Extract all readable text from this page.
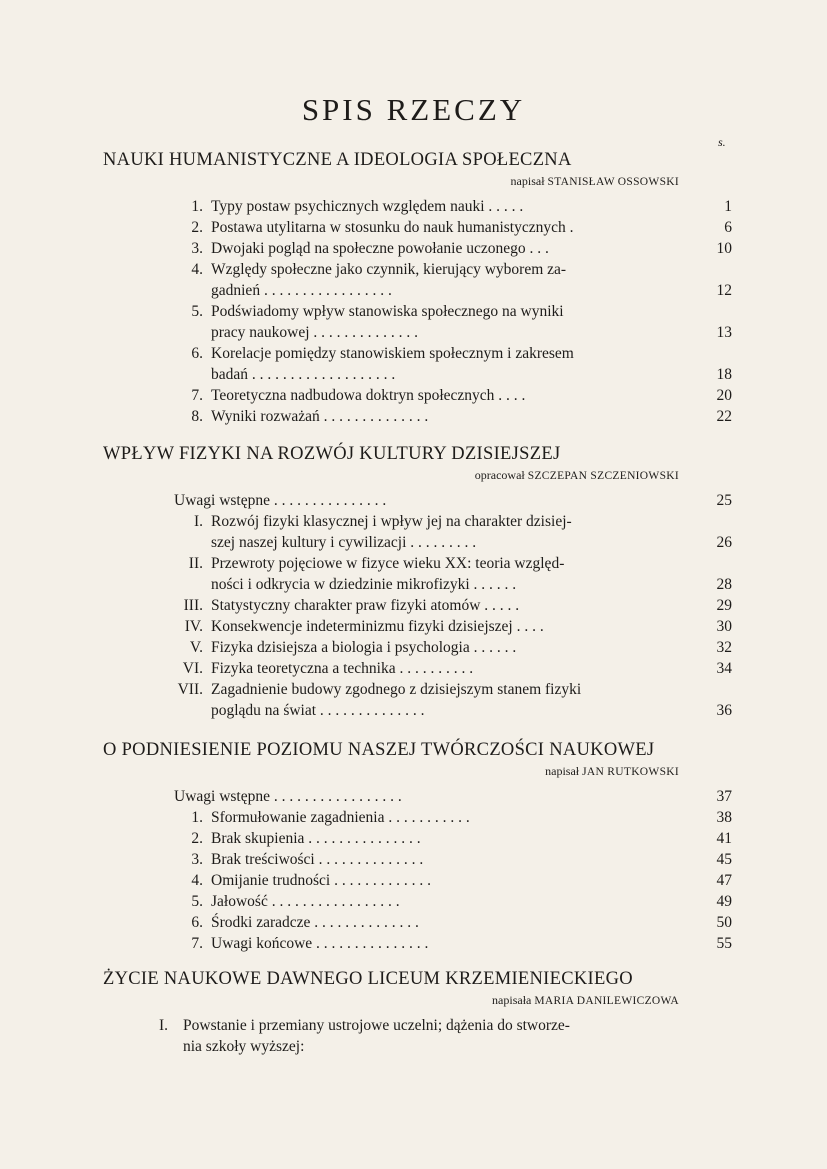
SPIS RZECZY
s.
NAUKI HUMANISTYCZNE A IDEOLOGIA SPOŁECZNA
napisał STANISŁAW OSSOWSKI
1. Typy postaw psychicznych względem nauki . . . . .	1
2. Postawa utylitarna w stosunku do nauk humanistycznych .	6
3. Dwojaki pogląd na społeczne powołanie uczonego . . .	10
4. Względy społeczne jako czynnik, kierujący wyborem za-
gadnień . . . . . . . . . . . . . . . . .	12
5. Podświadomy wpływ stanowiska społecznego na wyniki
pracy naukowej . . . . . . . . . . . . . .	13
6. Korelacje pomiędzy stanowiskiem społecznym i zakresem
badań . . . . . . . . . . . . . . . . . . .	18
7. Teoretyczna nadbudowa doktryn społecznych . . . .	20
8. Wyniki rozważań . . . . . . . . . . . . . .	22
WPŁYW FIZYKI NA ROZWÓJ KULTURY DZISIEJSZEJ
opracował SZCZEPAN SZCZENIOWSKI
Uwagi wstępne . . . . . . . . . . . . . . .	25
I. Rozwój fizyki klasycznej i wpływ jej na charakter dzisiej-
szej naszej kultury i cywilizacji . . . . . . . . .	26
II. Przewroty pojęciowe w fizyce wieku XX: teoria względ-
ności i odkrycia w dziedzinie mikrofizyki . . . . . .	28
III. Statystyczny charakter praw fizyki atomów . . . . .	29
IV. Konsekwencje indeterminizmu fizyki dzisiejszej . . . .	30
V. Fizyka dzisiejsza a biologia i psychologia . . . . . .	32
VI. Fizyka teoretyczna a technika . . . . . . . . . .	34
VII. Zagadnienie budowy zgodnego z dzisiejszym stanem fizyki
poglądu na świat . . . . . . . . . . . . . .	36
O PODNIESIENIE POZIOMU NASZEJ TWÓRCZOŚCI NAUKOWEJ
napisał JAN RUTKOWSKI
Uwagi wstępne . . . . . . . . . . . . . . . . .	37
1. Sformułowanie zagadnienia . . . . . . . . . . .	38
2. Brak skupienia . . . . . . . . . . . . . . .	41
3. Brak treściwości . . . . . . . . . . . . . .	45
4. Omijanie trudności . . . . . . . . . . . . .	47
5. Jałowość . . . . . . . . . . . . . . . . .	49
6. Środki zaradcze . . . . . . . . . . . . . .	50
7. Uwagi końcowe . . . . . . . . . . . . . . .	55
ŻYCIE NAUKOWE DAWNEGO LICEUM KRZEMIENIECKIEGO
napisała MARIA DANILEWICZOWA
I. Powstanie i przemiany ustrojowe uczelni; dążenia do stworze-
nia szkoły wyższej:
